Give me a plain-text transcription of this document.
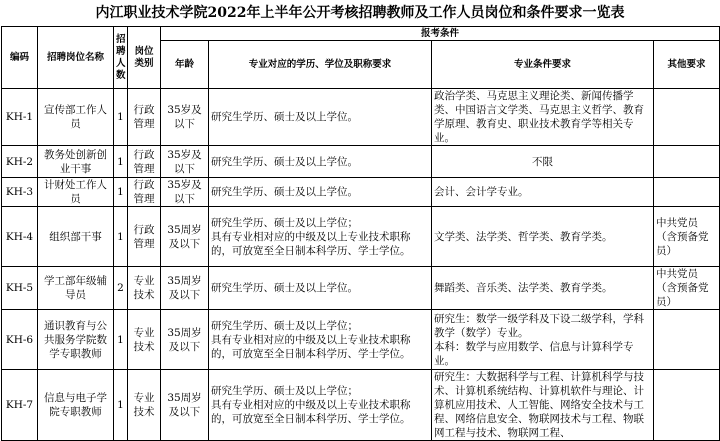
内江职业技术学院2022年上半年公开考核招聘教师及工作人员岗位和条件要求一览表
编码	招聘岗位名称	招聘人数	岗位类别	报考条件			
				年龄	专业对应的学历、学位及职称要求	专业条件要求	其他要求
KH-1	宣传部工作人员	1	行政管理	35岁及以下	研究生学历、硕士及以上学位。	政治学类、马克思主义理论类、新闻传播学类、中国语言文学类、马克思主义哲学、教育学原理、教育史、职业技术教育学等相关专业。	
KH-2	教务处创新创业干事	1	行政管理	35岁及以下	研究生学历、硕士及以上学位。	不限	
KH-3	计财处工作人员	1	行政管理	35岁及以下	研究生学历、硕士及以上学位。	会计、会计学专业。	
KH-4	组织部干事	1	行政管理	35周岁及以下	研究生学历、硕士及以上学位；
具有专业相对应的中级及以上专业技术职称的，可放宽至全日制本科学历、学士学位。	文学类、法学类、哲学类、教育学类。	中共党员（含预备党员）
KH-5	学工部年级辅导员	2	专业技术	35周岁及以下	研究生学历、硕士及以上学位。	舞蹈类、音乐类、法学类、教育学类。	中共党员（含预备党员）
KH-6	通识教育与公共服务学院数学专职教师	1	专业技术	35周岁及以下	研究生学历、硕士及以上学位；
具有专业相对应的中级及以上专业技术职称的，可放宽至全日制本科学历、学士学位。	研究生：数学一级学科及下设二级学科，学科教学（数学）专业。
本科：数学与应用数学、信息与计算科学专业。	
KH-7	信息与电子学院专职教师	1	专业技术	35周岁及以下	研究生学历、硕士及以上学位；
具有专业相对应的中级及以上专业技术职称的，可放宽至全日制本科学历、学士学位。	研究生：大数据科学与工程、计算机科学与技术、计算机系统结构、计算机软件与理论、计算机应用技术、人工智能、网络安全技术与工程、网络信息安全、物联网技术与工程、物联网工程与技术、物联网工程、	
